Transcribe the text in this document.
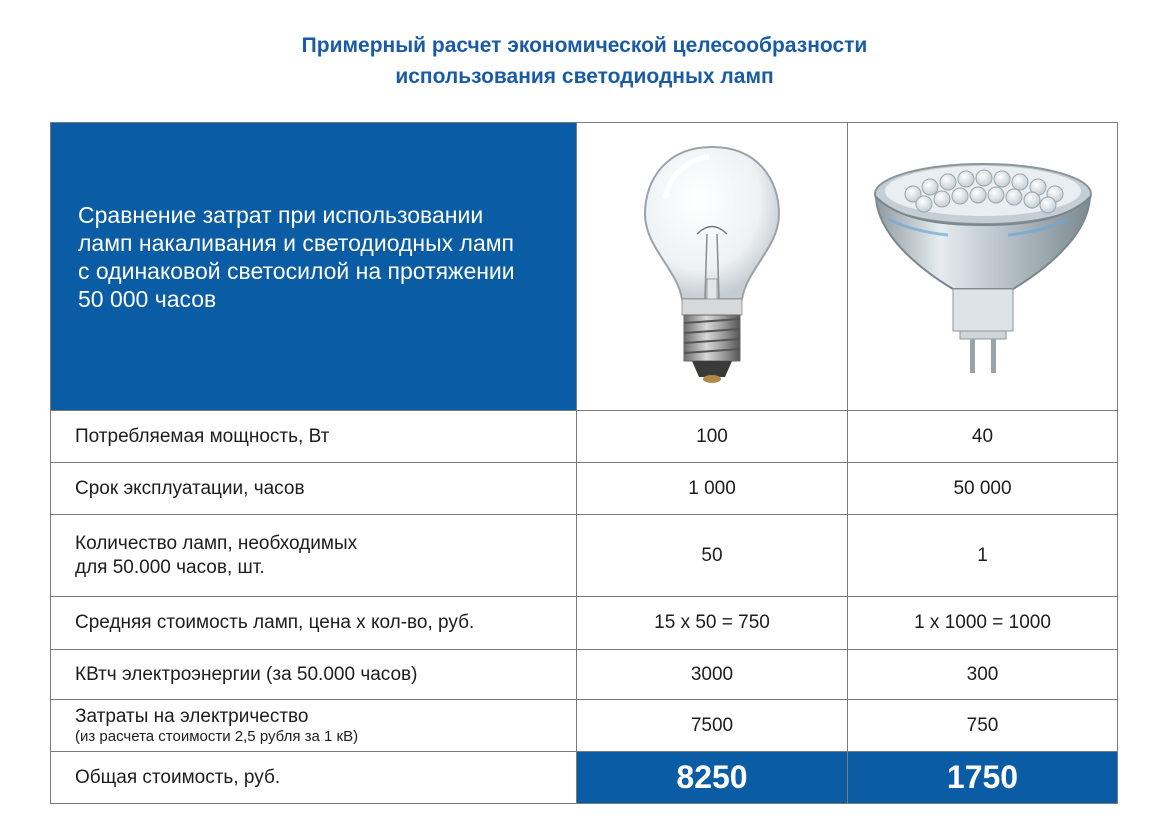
Примерный расчет экономической целесообразности
использования светодиодных ламп
Сравнение затрат при использовании ламп накаливания и светодиодных ламп с одинаковой светосилой на протяжении 50 000 часов

Потребляемая мощность, Вт	100	40
Срок эксплуатации, часов	1 000	50 000

Количество ламп, необходимых
для 50.000 часов, шт.	50	1
Средняя стоимость ламп, цена х кол-во, руб.	15 х 50 = 750	1 х 1000 = 1000
КВтч электроэнергии (за 50.000 часов)	3000	300

Затраты на электричество
(из расчета стоимости 2,5 рубля за 1 кВ)	7500	750
Общая стоимость, руб.	8250	1750
